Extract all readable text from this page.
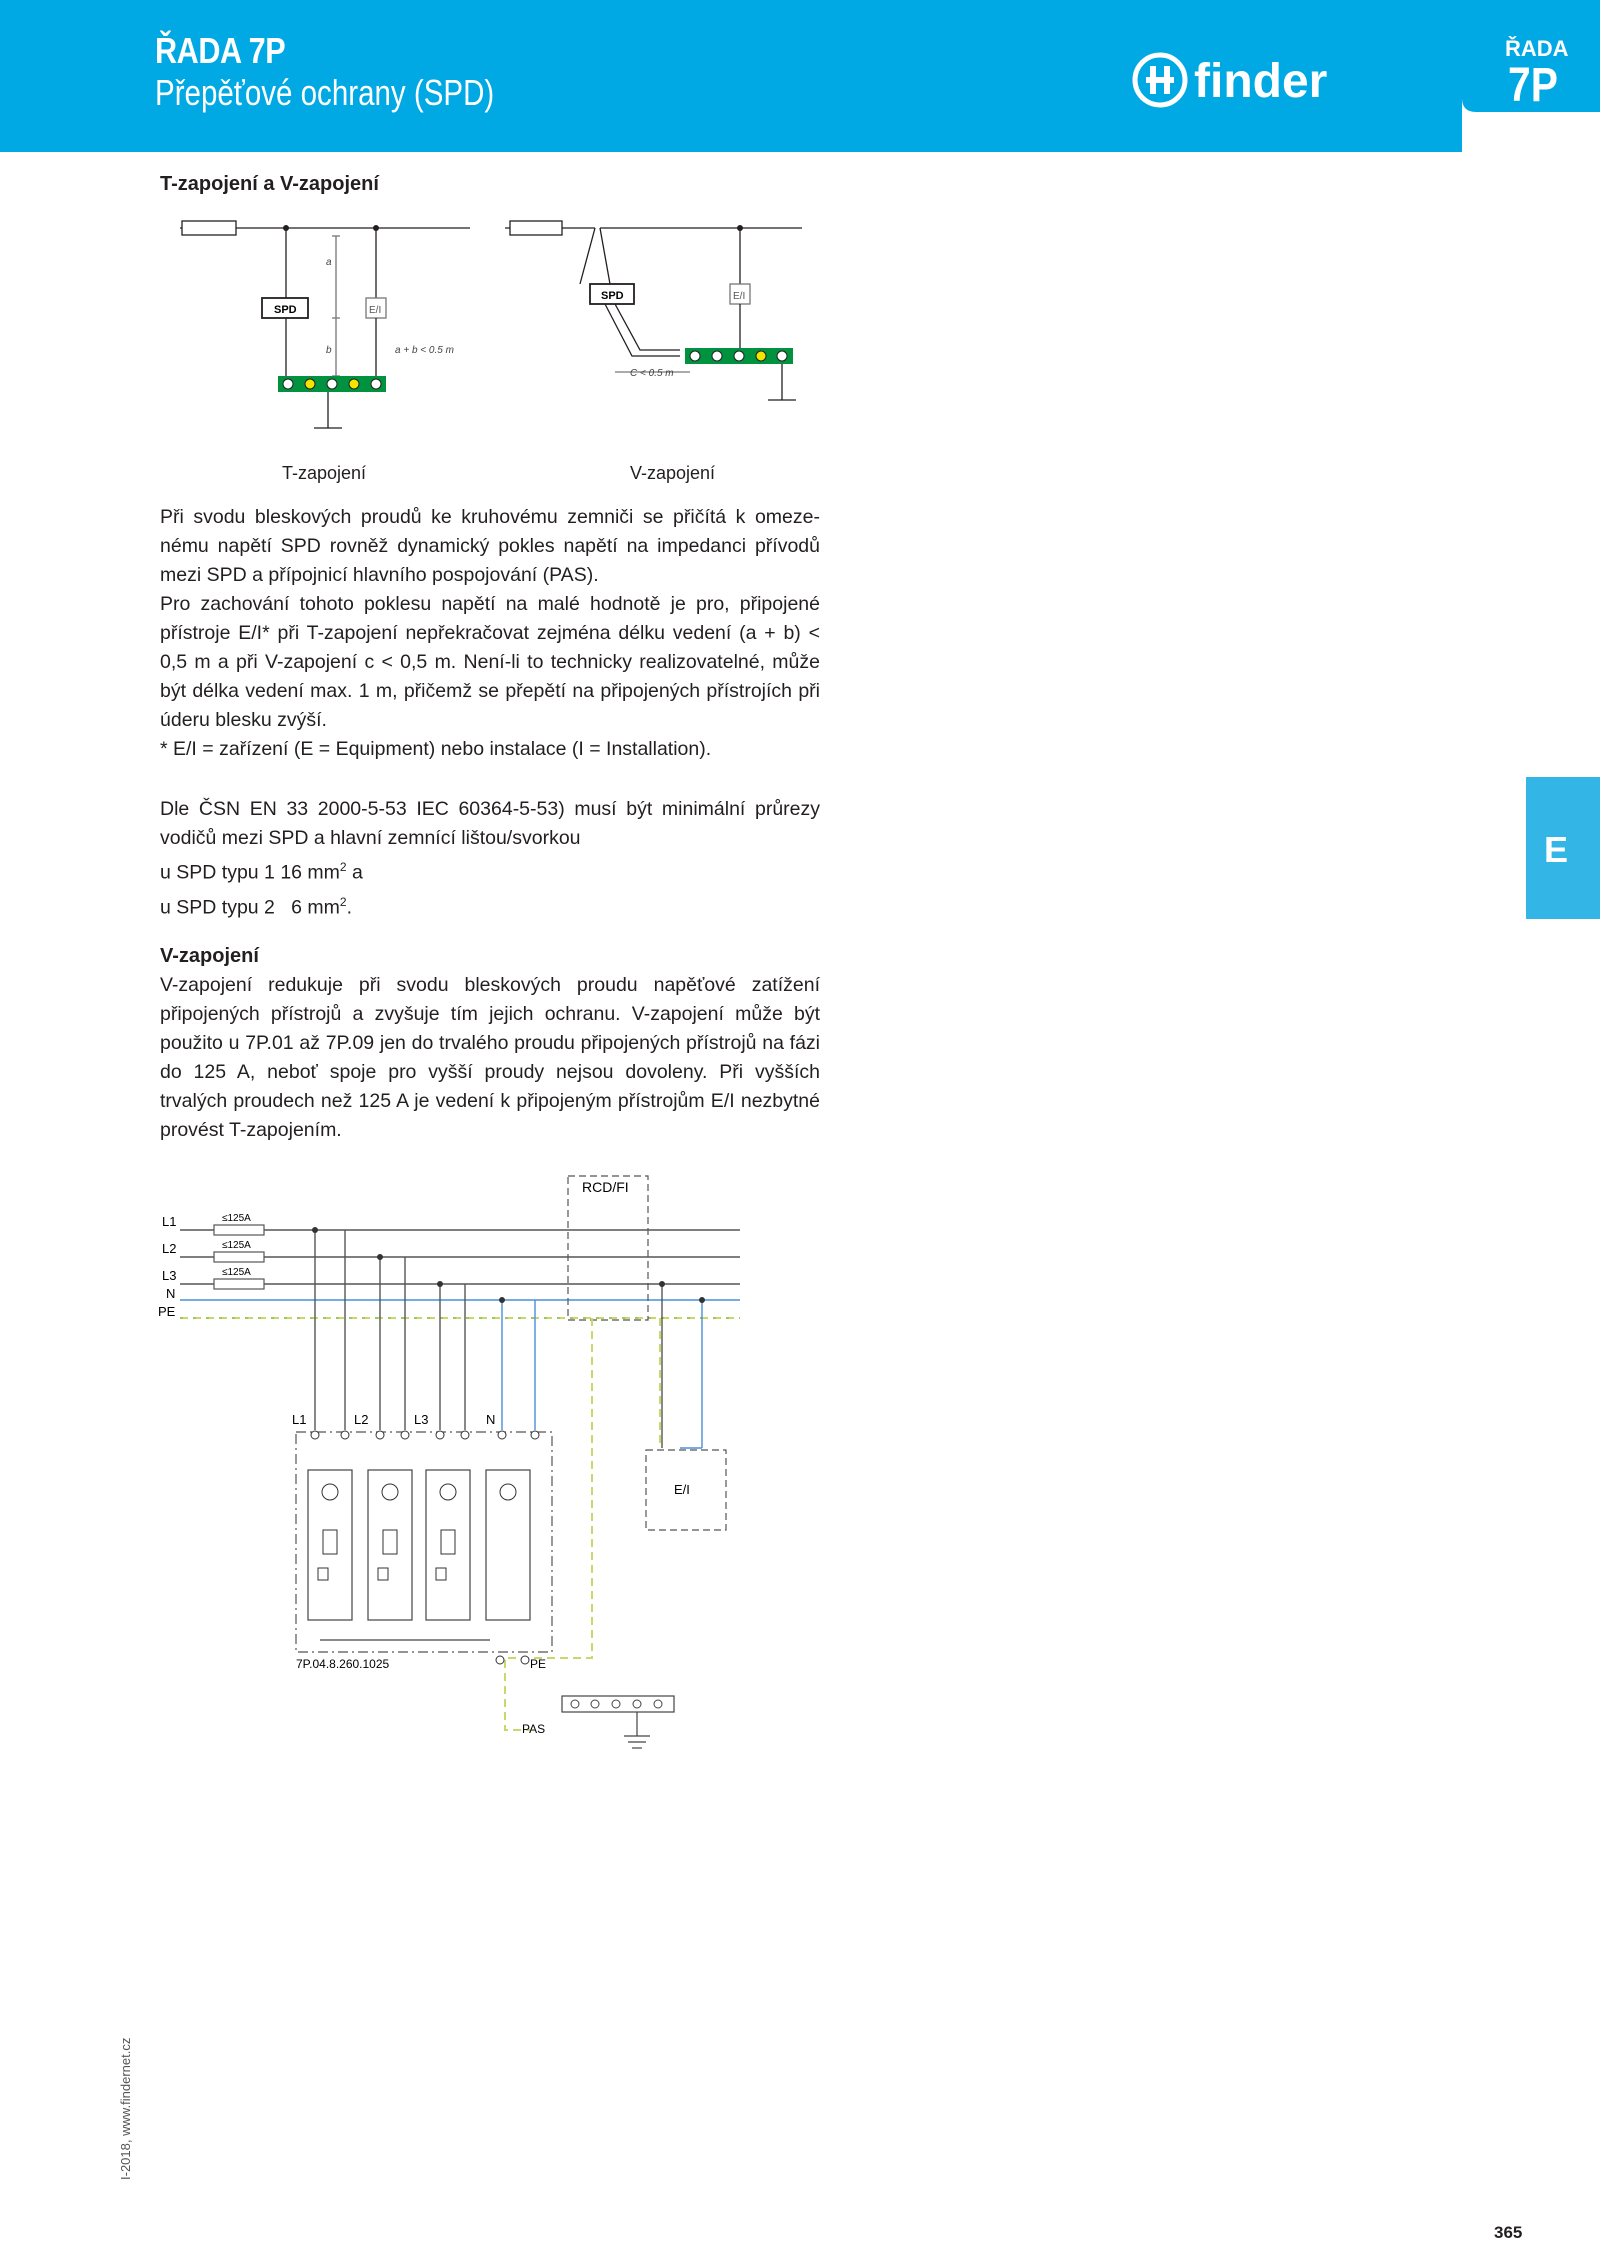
ŘADA 7P
Přepěťové ochrany (SPD)	finder
ŘADA
7P
E
T-zapojení a V-zapojení
SPD	E/I
a
b	a + b < 0.5 m
SPD	E/I
C < 0.5 m
T-zapojení	V-zapojení

Při svodu bleskových proudů ke kruhovému zemniči se přičítá k omeze-nému napětí SPD rovněž dynamický pokles napětí na impedanci přívodů mezi SPD a přípojnicí hlavního pospojování (PAS).

Pro zachování tohoto poklesu napětí na malé hodnotě je pro, připojené přístroje E/I* při T-zapojení nepřekračovat zejména délku vedení (a + b) < 0,5 m a při V-zapojení c < 0,5 m. Není-li to technicky realizovatelné, může být délka vedení max. 1 m, přičemž se přepětí na připojených přístrojích při úderu blesku zvýší.

* E/I = zařízení (E = Equipment) nebo instalace (I = Installation).

Dle ČSN EN 33 2000-5-53 IEC 60364-5-53) musí být minimální průrezy vodičů mezi SPD a hlavní zemnící lištou/svorkou

u SPD typu 1 16 $mm^2$ a

u SPD typu 2   6 $mm^2$.

V-zapojení

V-zapojení redukuje při svodu bleskových proudu napěťové zatížení připojených přístrojů a zvyšuje tím jejich ochranu. V-zapojení může být použito u 7P.01 až 7P.09 jen do trvalého proudu připojených přístrojů na fázi do 125 A, neboť spoje pro vyšší proudy nejsou dovoleny. Při vyšších trvalých proudech než 125 A je vedení k připojeným přístrojům E/I nezbytné provést T-zapojením.

L1
L2
L3
N
PE
≤125A
≤125A
≤125A
RCD/FI
L1	L2	L3	N
E/I
7P.04.8.260.1025	PE
PAS
I-2018, www.findernet.cz
365
